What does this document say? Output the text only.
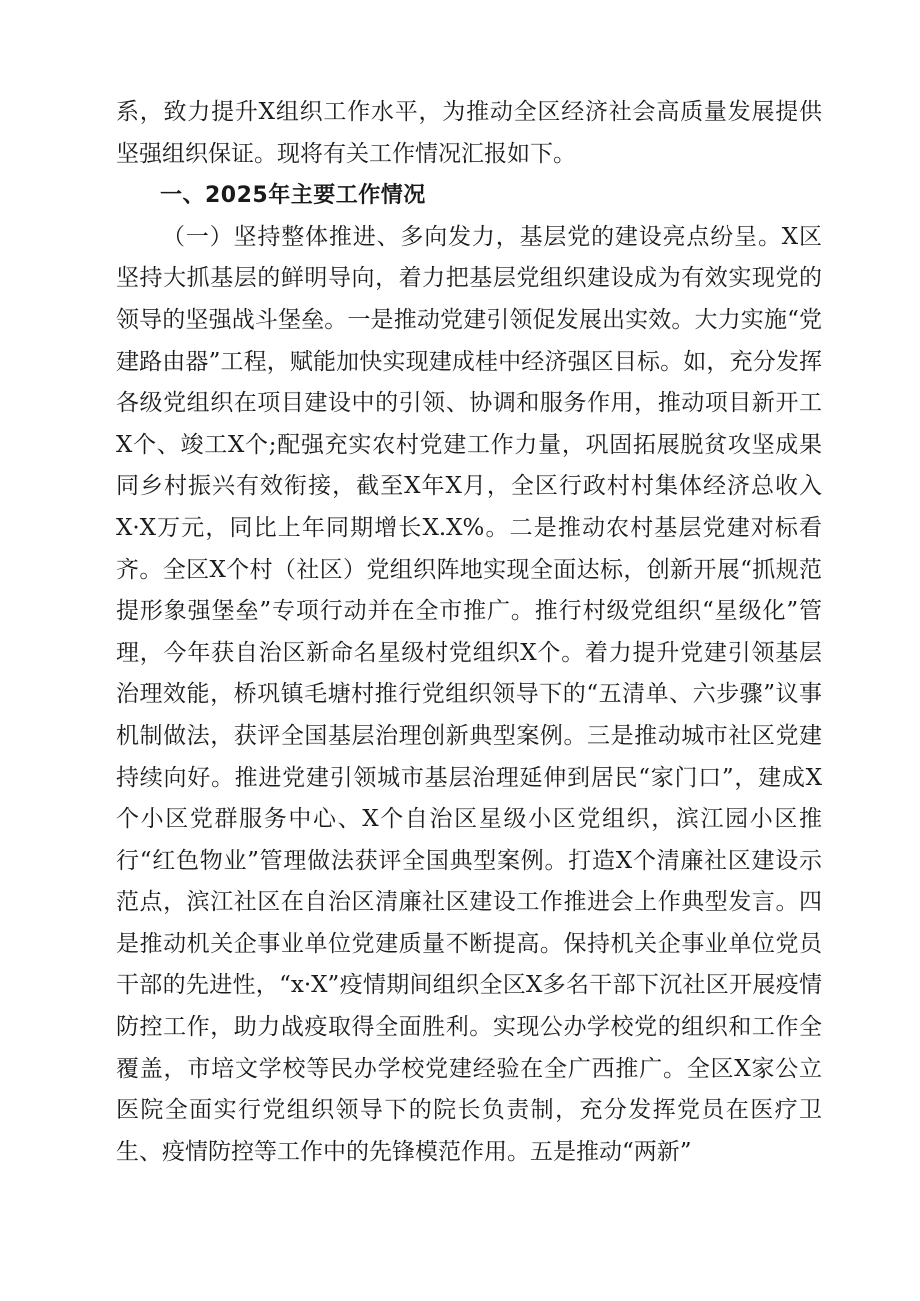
系，致力提升X组织工作水平，为推动全区经济社会高质量发展提供坚强组织保证。现将有关工作情况汇报如下。

一、2025年主要工作情况

（一）坚持整体推进、多向发力，基层党的建设亮点纷呈。X区坚持大抓基层的鲜明导向，着力把基层党组织建设成为有效实现党的领导的坚强战斗堡垒。一是推动党建引领促发展出实效。大力实施“党建路由器”工程，赋能加快实现建成桂中经济强区目标。如，充分发挥各级党组织在项目建设中的引领、协调和服务作用，推动项目新开工X个、竣工X个;配强充实农村党建工作力量，巩固拓展脱贫攻坚成果同乡村振兴有效衔接，截至X年X月，全区行政村村集体经济总收入X·X万元，同比上年同期增长X.X%。二是推动农村基层党建对标看齐。全区X个村（社区）党组织阵地实现全面达标，创新开展“抓规范提形象强堡垒”专项行动并在全市推广。推行村级党组织“星级化”管理，今年获自治区新命名星级村党组织X个。着力提升党建引领基层治理效能，桥巩镇毛塘村推行党组织领导下的“五清单、六步骤”议事机制做法，获评全国基层治理创新典型案例。三是推动城市社区党建持续向好。推进党建引领城市基层治理延伸到居民“家门口”，建成X个小区党群服务中心、X个自治区星级小区党组织，滨江园小区推行“红色物业”管理做法获评全国典型案例。打造X个清廉社区建设示范点，滨江社区在自治区清廉社区建设工作推进会上作典型发言。四是推动机关企事业单位党建质量不断提高。保持机关企事业单位党员干部的先进性，“x·X”疫情期间组织全区X多名干部下沉社区开展疫情防控工作，助力战疫取得全面胜利。实现公办学校党的组织和工作全覆盖，市培文学校等民办学校党建经验在全广西推广。全区X家公立医院全面实行党组织领导下的院长负责制，充分发挥党员在医疗卫生、疫情防控等工作中的先锋模范作用。五是推动“两新”
